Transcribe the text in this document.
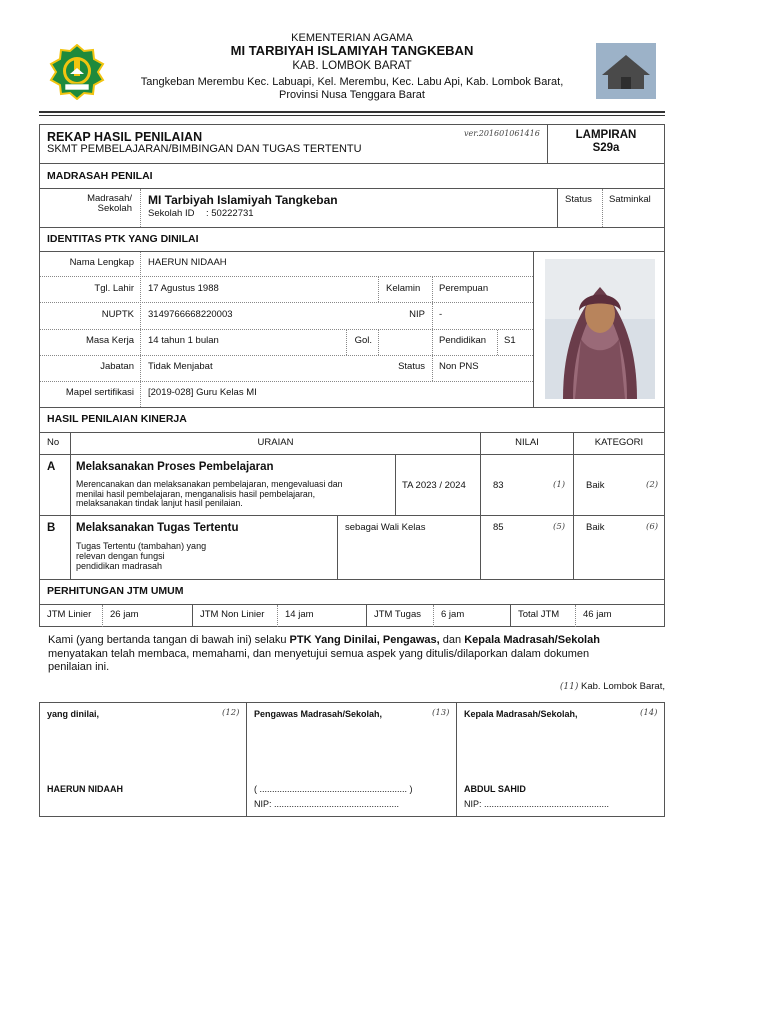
KEMENTERIAN AGAMA
MI TARBIYAH ISLAMIYAH TANGKEBAN
KAB. LOMBOK BARAT
Tangkeban Merembu Kec. Labuapi, Kel. Merembu, Kec. Labu Api, Kab. Lombok Barat,
Provinsi Nusa Tenggara Barat
REKAP HASIL PENILAIAN
SKMT PEMBELAJARAN/BIMBINGAN DAN TUGAS TERTENTU
ver.201601061416	LAMPIRAN
S29a
MADRASAH PENILAI
Madrasah/
Sekolah
MI Tarbiyah Islamiyah Tangkeban
Sekolah ID : 50222731
Status Satminkal
IDENTITAS PTK YANG DINILAI
Nama Lengkap HAERUN NIDAAH
Tgl. Lahir 17 Agustus 1988	Kelamin Perempuan
NUPTK 3149766668220003	NIP -
Masa Kerja 14 tahun 1 bulan	Gol.	Pendidikan S1
Jabatan Tidak Menjabat	Status Non PNS
Mapel sertifikasi [2019-028] Guru Kelas MI
HASIL PENILAIAN KINERJA
No	URAIAN	NILAI	KATEGORI
A Melaksanakan Proses Pembelajaran
Merencanakan dan melaksanakan pembelajaran, mengevaluasi dan
menilai hasil pembelajaran, menganalisis hasil pembelajaran,
melaksanakan tindak lanjut hasil penilaian.
TA 2023 / 2024	83	(1) Baik	(2)
B Melaksanakan Tugas Tertentu
Tugas Tertentu (tambahan) yang
relevan dengan fungsi
pendidikan madrasah
sebagai Wali Kelas	85	(5) Baik	(6)
PERHITUNGAN JTM UMUM
JTM Linier 26 jam	JTM Non Linier 14 jam	JTM Tugas 6 jam	Total JTM	46 jam
Kami (yang bertanda tangan di bawah ini) selaku PTK Yang Dinilai, Pengawas, dan Kepala Madrasah/Sekolah
menyatakan telah membaca, memahami, dan menyetujui semua aspek yang ditulis/dilaporkan dalam dokumen
penilaian ini.
(11) Kab. Lombok Barat,
yang dinilai,	(12)
HAERUN NIDAAH
Pengawas Madrasah/Sekolah,	(13)
( ........................................................... )
NIP: ..................................................
Kepala Madrasah/Sekolah,	(14)
ABDUL SAHID
NIP: ..................................................
